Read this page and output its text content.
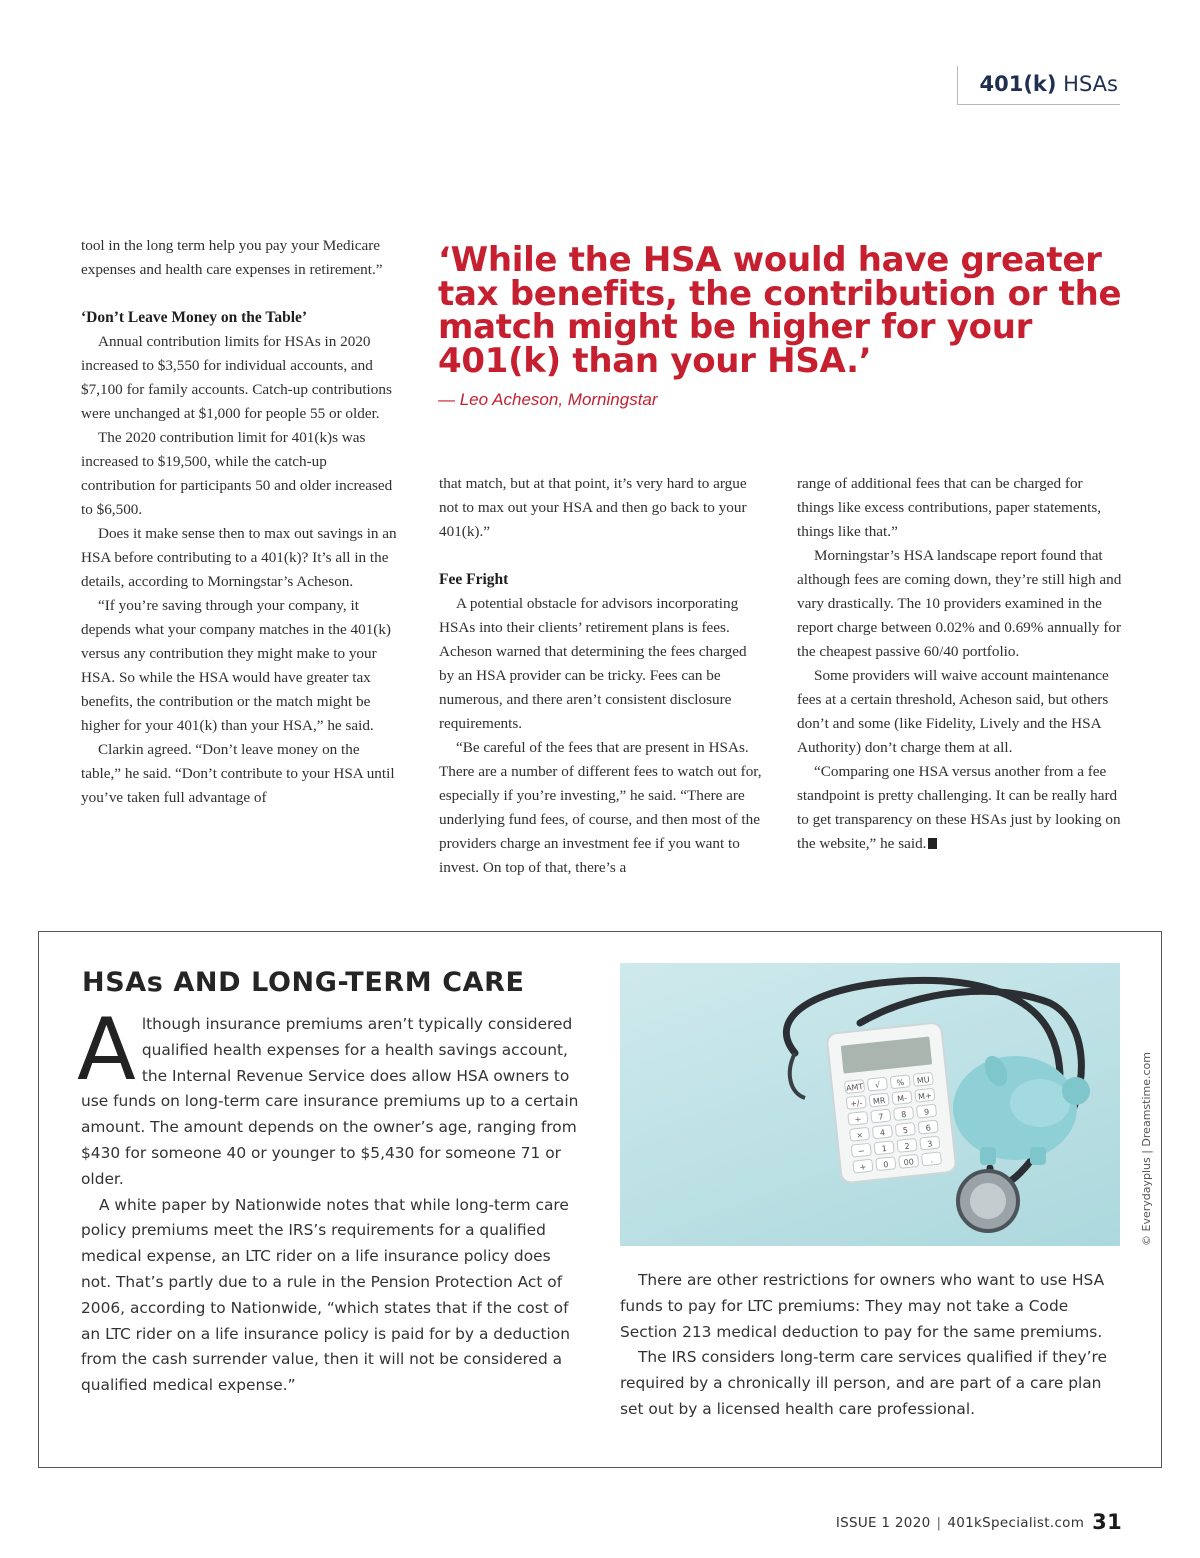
401(k) HSAs

tool in the long term help you pay your Medicare expenses and health care expenses in retirement.”

‘Don’t Leave Money on the Table’

Annual contribution limits for HSAs in 2020 increased to $3,550 for individual accounts, and $7,100 for family accounts. Catch-up contributions were unchanged at $1,000 for people 55 or older.

The 2020 contribution limit for 401(k)s was increased to $19,500, while the catch-up contribution for participants 50 and older increased to $6,500.

Does it make sense then to max out savings in an HSA before contributing to a 401(k)? It’s all in the details, according to Morningstar’s Acheson.

“If you’re saving through your company, it depends what your company matches in the 401(k) versus any contribution they might make to your HSA. So while the HSA would have greater tax benefits, the contribution or the match might be higher for your 401(k) than your HSA,” he said.

Clarkin agreed. “Don’t leave money on the table,” he said. “Don’t contribute to your HSA until you’ve taken full advantage of

‘While the HSA would have greater tax benefits, the contribution or the match might be higher for your 401(k) than your HSA.’
— Leo Acheson, Morningstar

that match, but at that point, it’s very hard to argue not to max out your HSA and then go back to your 401(k).”

Fee Fright

A potential obstacle for advisors incorporating HSAs into their clients’ retirement plans is fees. Acheson warned that determining the fees charged by an HSA provider can be tricky. Fees can be numerous, and there aren’t consistent disclosure requirements.

“Be careful of the fees that are present in HSAs. There are a number of different fees to watch out for, especially if you’re investing,” he said. “There are underlying fund fees, of course, and then most of the providers charge an investment fee if you want to invest. On top of that, there’s a

range of additional fees that can be charged for things like excess contributions, paper statements, things like that.”

Morningstar’s HSA landscape report found that although fees are coming down, they’re still high and vary drastically. The 10 providers examined in the report charge between 0.02% and 0.69% annually for the cheapest passive 60/40 portfolio.

Some providers will waive account maintenance fees at a certain threshold, Acheson said, but others don’t and some (like Fidelity, Lively and the HSA Authority) don’t charge them at all.

“Comparing one HSA versus another from a fee standpoint is pretty challenging. It can be really hard to get transparency on these HSAs just by looking on the website,” he said.

HSAs AND LONG-TERM CARE

Although insurance premiums aren’t typically considered qualified health expenses for a health savings account, the Internal Revenue Service does allow HSA owners to use funds on long-term care insurance premiums up to a certain amount. The amount depends on the owner’s age, ranging from $430 for someone 40 or younger to $5,430 for someone 71 or older.

A white paper by Nationwide notes that while long-term care policy premiums meet the IRS’s requirements for a qualified medical expense, an LTC rider on a life insurance policy does not. That’s partly due to a rule in the Pension Protection Act of 2006, according to Nationwide, “which states that if the cost of an LTC rider on a life insurance policy is paid for by a deduction from the cash surrender value, then it will not be considered a qualified medical expense.”

AMT √ % MU
+/- MR M- M+
÷ 7 8 9
× 4 5 6
− 1 2 3
+ 0 00 .

There are other restrictions for owners who want to use HSA funds to pay for LTC premiums: They may not take a Code Section 213 medical deduction to pay for the same premiums.

The IRS considers long-term care services qualified if they’re required by a chronically ill person, and are part of a care plan set out by a licensed health care professional.

© Everydayplus | Dreamstime.com
ISSUE 1 2020 | 401kSpecialist.com 31
